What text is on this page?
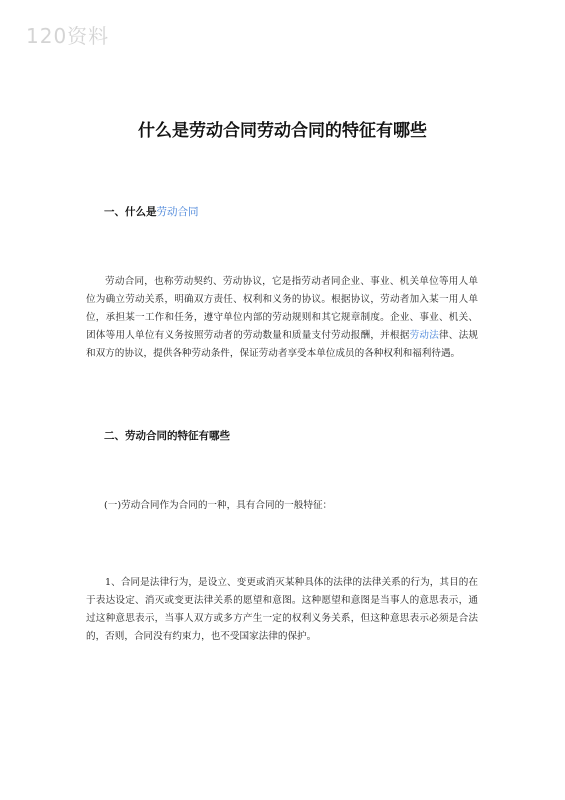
120资料
什么是劳动合同劳动合同的特征有哪些
一、什么是劳动合同

劳动合同，也称劳动契约、劳动协议，它是指劳动者同企业、事业、机关单位等用人单位为确立劳动关系，明确双方责任、权利和义务的协议。根据协议，劳动者加入某一用人单位，承担某一工作和任务，遵守单位内部的劳动规则和其它规章制度。企业、事业、机关、团体等用人单位有义务按照劳动者的劳动数量和质量支付劳动报酬，并根据劳动法律、法规和双方的协议，提供各种劳动条件，保证劳动者享受本单位成员的各种权利和福利待遇。

二、劳动合同的特征有哪些

(一)劳动合同作为合同的一种，具有合同的一般特征：

1、合同是法律行为，是设立、变更或消灭某种具体的法律的法律关系的行为，其目的在于表达设定、消灭或变更法律关系的愿望和意图。这种愿望和意图是当事人的意思表示，通过这种意思表示，当事人双方或多方产生一定的权利义务关系，但这种意思表示必须是合法的，否则，合同没有约束力，也不受国家法律的保护。
